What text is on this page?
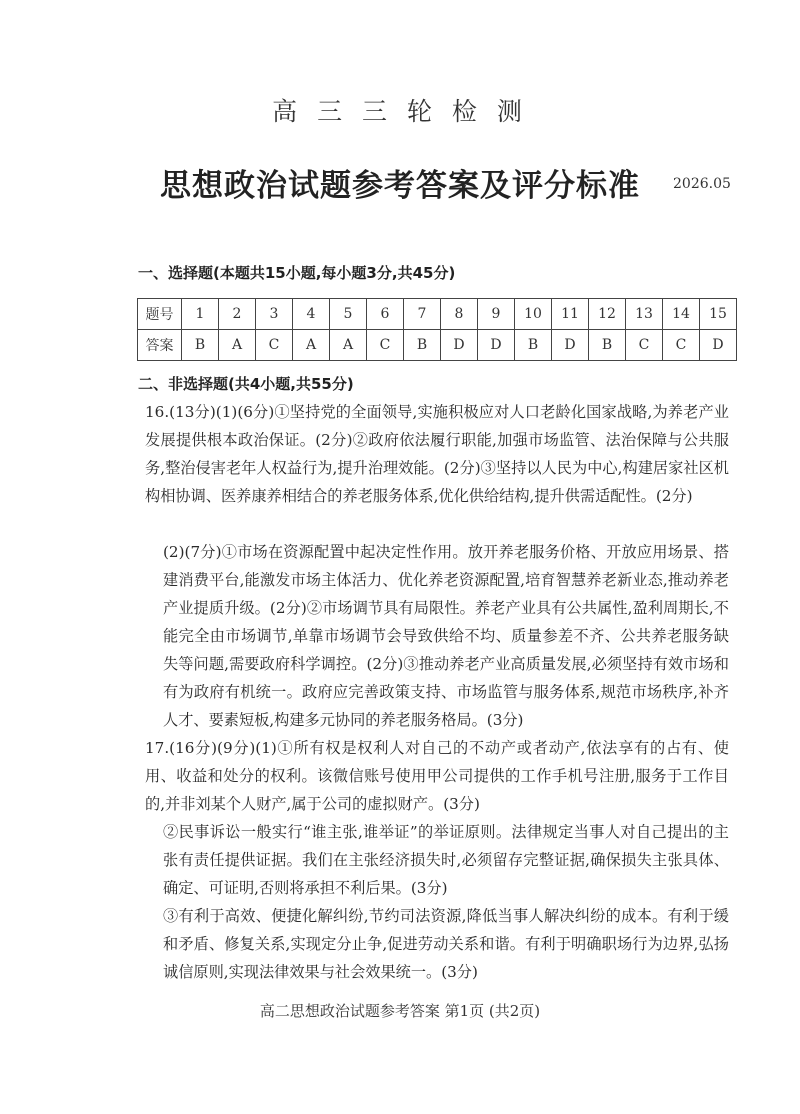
高 三 三 轮 检 测
思想政治试题参考答案及评分标准	2026.05
一、选择题(本题共15小题,每小题3分,共45分)
题号	1	2	3	4	5	6	7	8	9	10	11	12	13	14	15
答案	B	A	C	A	A	C	B	D	D	B	D	B	C	C	D
二、非选择题(共4小题,共55分)
16.(13分)(1)(6分)①坚持党的全面领导,实施积极应对人口老龄化国家战略,为养老产业发展提供根本政治保证。(2分)②政府依法履行职能,加强市场监管、法治保障与公共服务,整治侵害老年人权益行为,提升治理效能。(2分)③坚持以人民为中心,构建居家社区机构相协调、医养康养相结合的养老服务体系,优化供给结构,提升供需适配性。(2分)
(2)(7分)①市场在资源配置中起决定性作用。放开养老服务价格、开放应用场景、搭建消费平台,能激发市场主体活力、优化养老资源配置,培育智慧养老新业态,推动养老产业提质升级。(2分)②市场调节具有局限性。养老产业具有公共属性,盈利周期长,不能完全由市场调节,单靠市场调节会导致供给不均、质量参差不齐、公共养老服务缺失等问题,需要政府科学调控。(2分)③推动养老产业高质量发展,必须坚持有效市场和有为政府有机统一。政府应完善政策支持、市场监管与服务体系,规范市场秩序,补齐人才、要素短板,构建多元协同的养老服务格局。(3分)
17.(16分)(9分)(1)①所有权是权利人对自己的不动产或者动产,依法享有的占有、使用、收益和处分的权利。该微信账号使用甲公司提供的工作手机号注册,服务于工作目的,并非刘某个人财产,属于公司的虚拟财产。(3分)
②民事诉讼一般实行“谁主张,谁举证”的举证原则。法律规定当事人对自己提出的主张有责任提供证据。我们在主张经济损失时,必须留存完整证据,确保损失主张具体、确定、可证明,否则将承担不利后果。(3分)
③有利于高效、便捷化解纠纷,节约司法资源,降低当事人解决纠纷的成本。有利于缓和矛盾、修复关系,实现定分止争,促进劳动关系和谐。有利于明确职场行为边界,弘扬诚信原则,实现法律效果与社会效果统一。(3分)
高二思想政治试题参考答案 第1页 (共2页)
